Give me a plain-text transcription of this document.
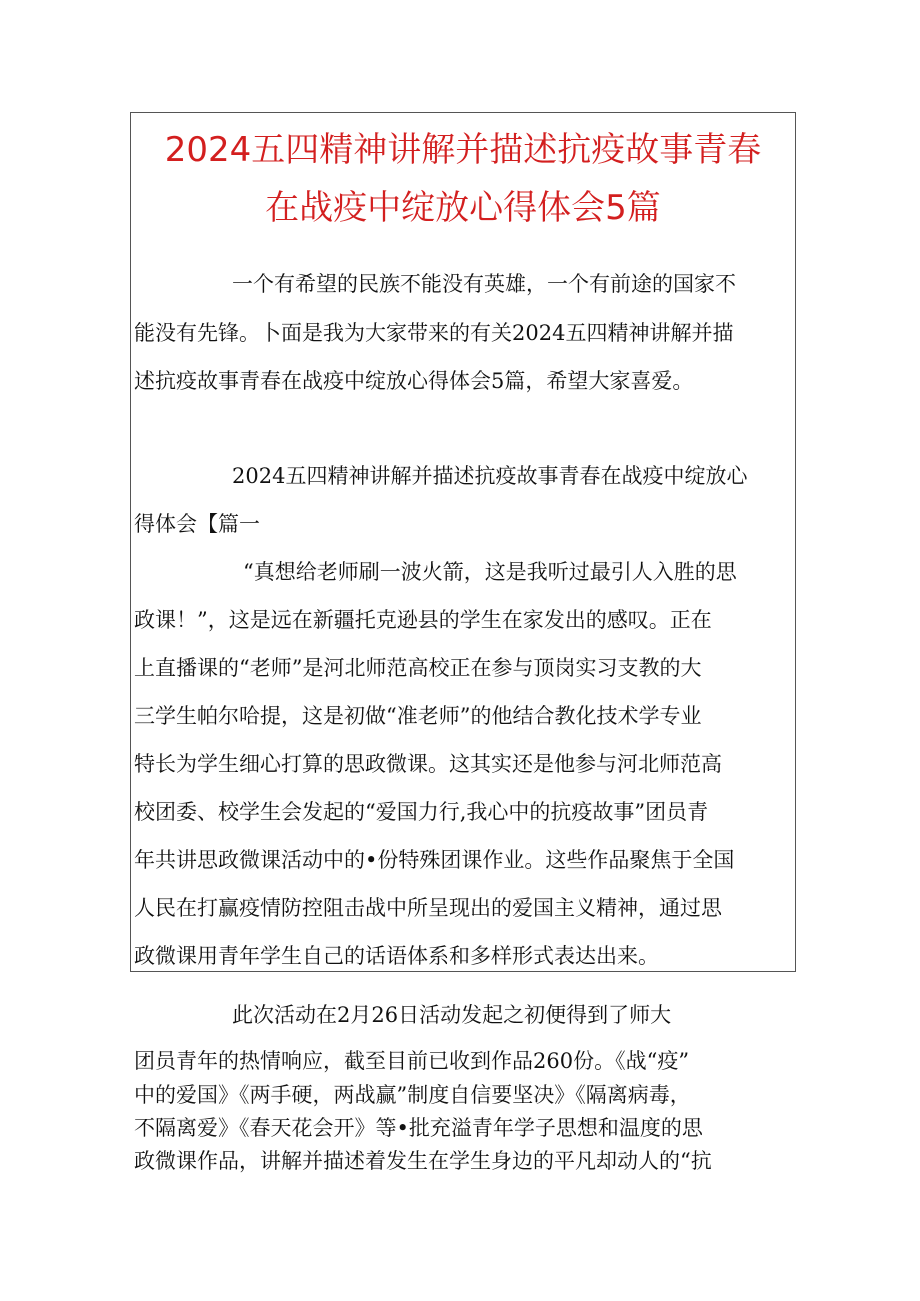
2024五四精神讲解并描述抗疫故事青春
在战疫中绽放心得体会5篇
一个有希望的民族不能没有英雄，一个有前途的国家不
能没有先锋。卜面是我为大家带来的有关2024五四精神讲解并描
述抗疫故事青春在战疫中绽放心得体会5篇，希望大家喜爱。
2024五四精神讲解并描述抗疫故事青春在战疫中绽放心
得体会【篇一
“真想给老师刷一波火箭，这是我听过最引人入胜的思
政课！”，这是远在新疆托克逊县的学生在家发出的感叹。正在
上直播课的“老师”是河北师范高校正在参与顶岗实习支教的大
三学生帕尔哈提，这是初做“准老师”的他结合教化技术学专业
特长为学生细心打算的思政微课。这其实还是他参与河北师范高
校团委、校学生会发起的“爱国力行,我心中的抗疫故事”团员青
年共讲思政微课活动中的•份特殊团课作业。这些作品聚焦于全国
人民在打赢疫情防控阻击战中所呈现出的爱国主义精神，通过思
政微课用青年学生自己的话语体系和多样形式表达出来。
此次活动在2月26日活动发起之初便得到了师大
团员青年的热情响应，截至目前已收到作品260份。《战“疫”
中的爱国》《两手硬，两战赢”制度自信要坚决》《隔离病毒，
不隔离爱》《春天花会开》等•批充溢青年学子思想和温度的思
政微课作品，讲解并描述着发生在学生身边的平凡却动人的“抗
